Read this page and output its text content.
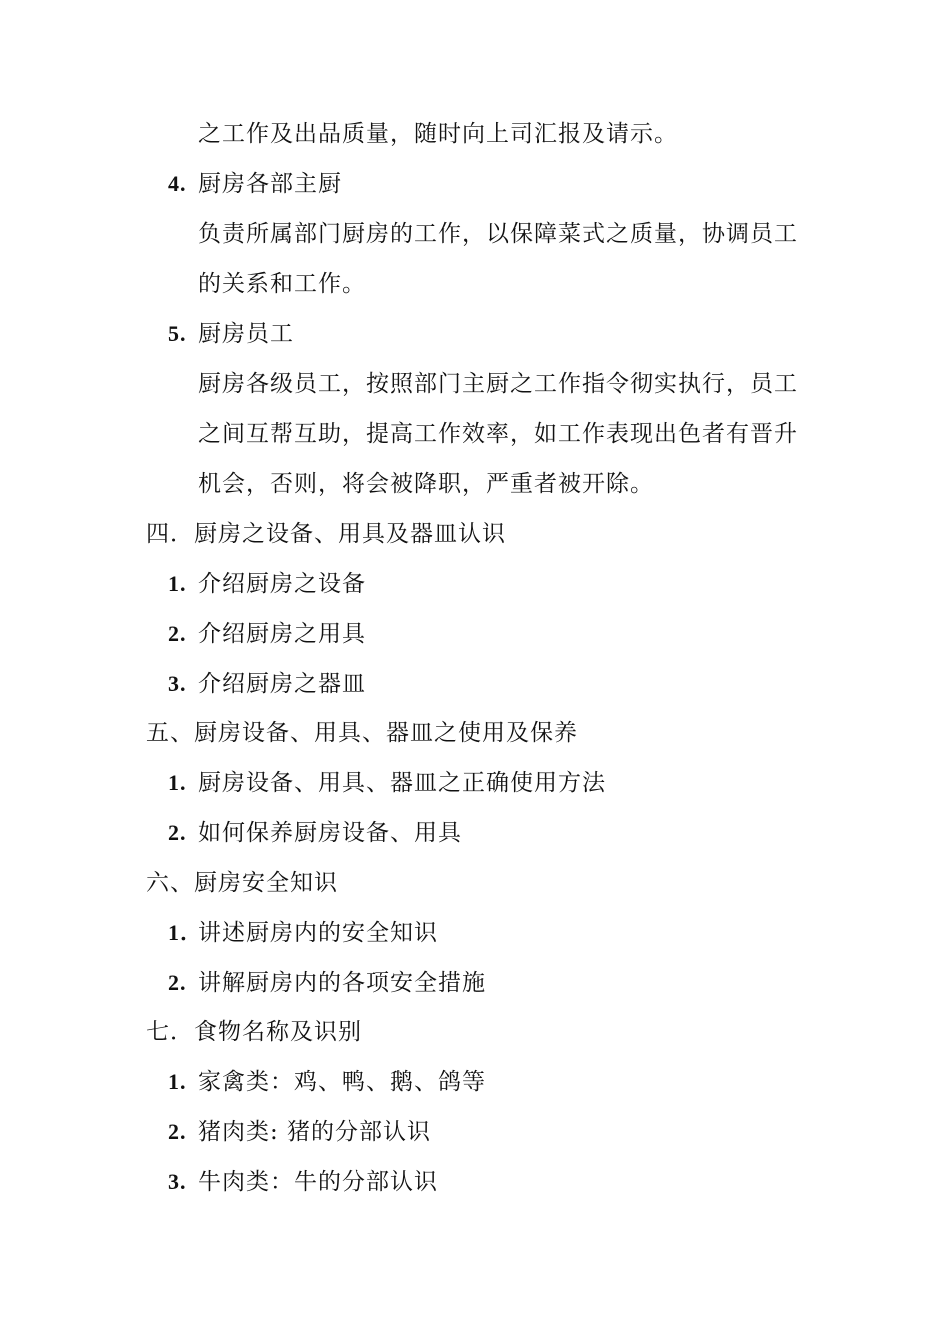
之工作及出品质量，随时向上司汇报及请示。
4. 厨房各部主厨
负责所属部门厨房的工作，以保障菜式之质量，协调员工
的关系和工作。
5. 厨房员工
厨房各级员工，按照部门主厨之工作指令彻实执行，员工
之间互帮互助，提高工作效率，如工作表现出色者有晋升
机会，否则，将会被降职，严重者被开除。
四．厨房之设备、用具及器皿认识
1. 介绍厨房之设备
2. 介绍厨房之用具
3. 介绍厨房之器皿
五、厨房设备、用具、器皿之使用及保养
1. 厨房设备、用具、器皿之正确使用方法
2. 如何保养厨房设备、用具
六、厨房安全知识
1．讲述厨房内的安全知识
2. 讲解厨房内的各项安全措施
七．食物名称及识别
1. 家禽类：鸡、鸭、鹅、鸽等
2. 猪肉类: 猪的分部认识
3. 牛肉类：牛的分部认识
